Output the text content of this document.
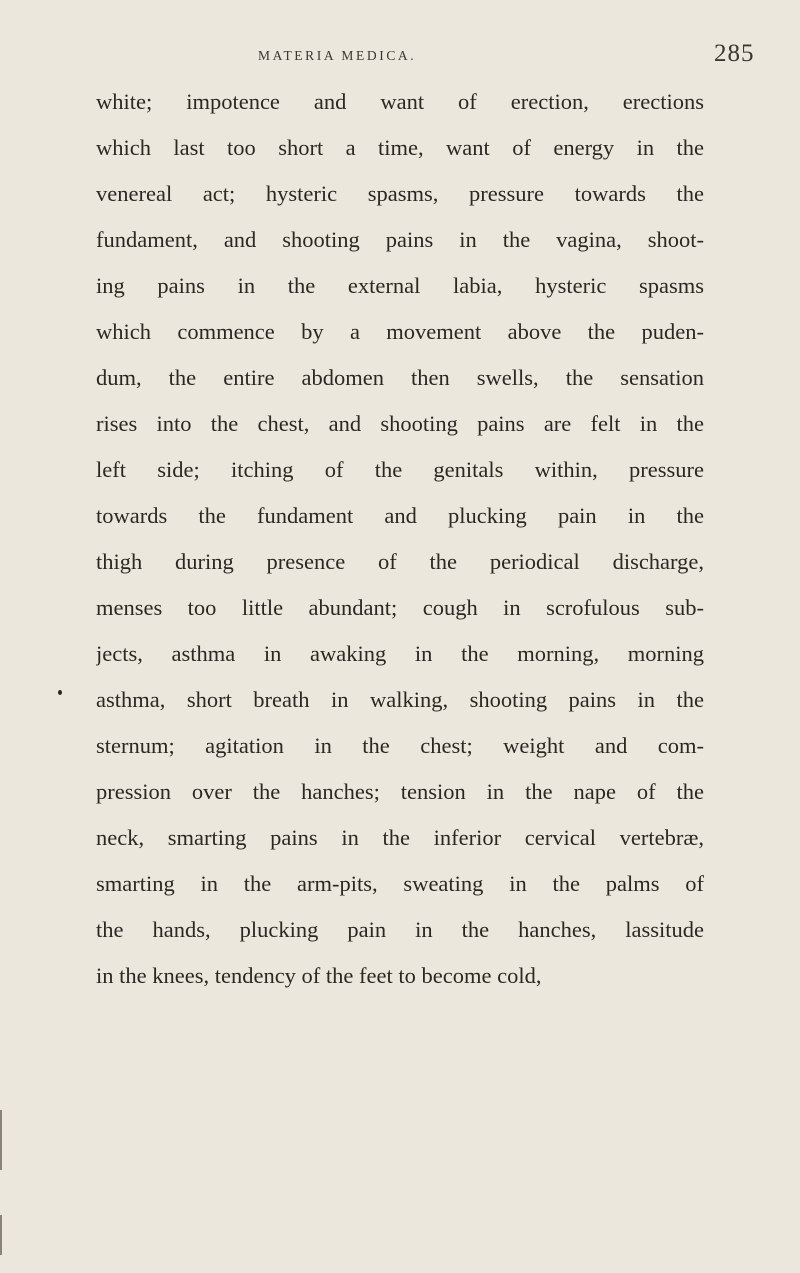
MATERIA MEDICA.	285
white; impotence and want of erection, erections
which last too short a time, want of energy in the
venereal act; hysteric spasms, pressure towards the
fundament, and shooting pains in the vagina, shoot-
ing pains in the external labia, hysteric spasms
which commence by a movement above the puden-
dum, the entire abdomen then swells, the sensation
rises into the chest, and shooting pains are felt in the
left side; itching of the genitals within, pressure
towards the fundament and plucking pain in the
thigh during presence of the periodical discharge,
menses too little abundant; cough in scrofulous sub-
jects, asthma in awaking in the morning, morning
asthma, short breath in walking, shooting pains in the
sternum; agitation in the chest; weight and com-
pression over the hanches; tension in the nape of the
neck, smarting pains in the inferior cervical vertebræ,
smarting in the arm-pits, sweating in the palms of
the hands, plucking pain in the hanches, lassitude
in the knees, tendency of the feet to become cold,
